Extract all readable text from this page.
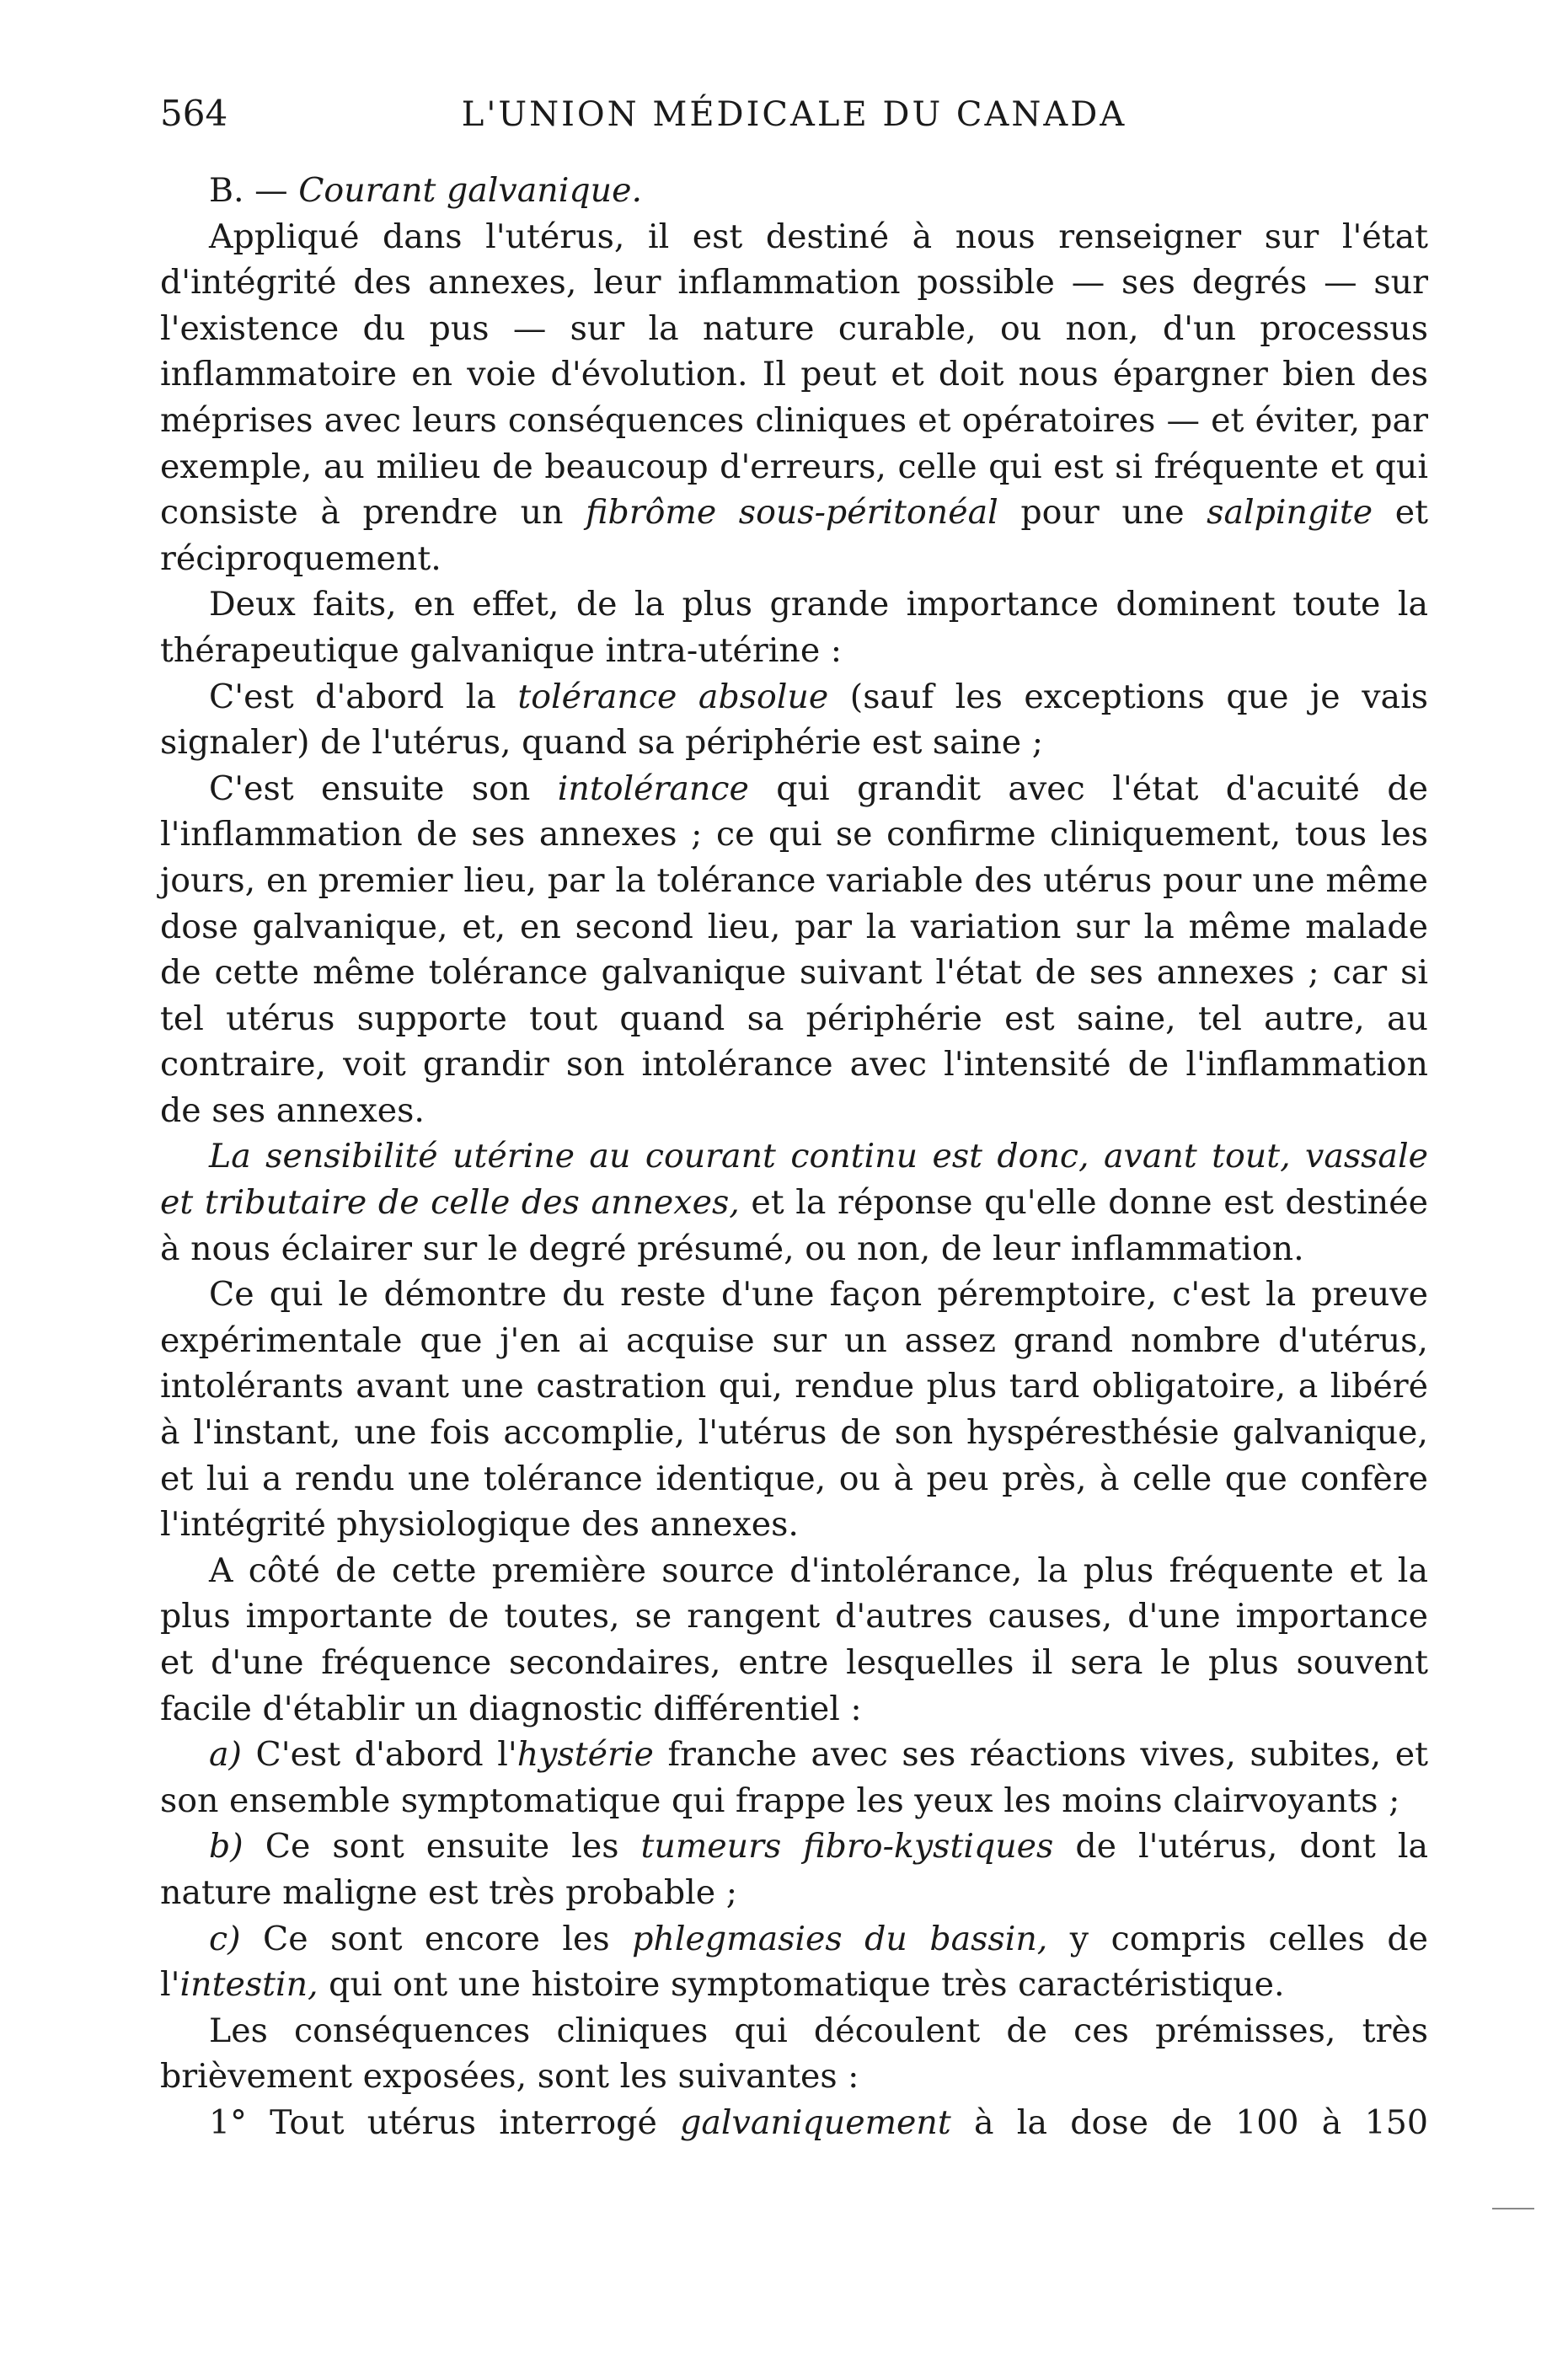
564	L'UNION MÉDICALE DU CANADA

B. — Courant galvanique.

Appliqué dans l'utérus, il est destiné à nous renseigner sur l'état d'intégrité des annexes, leur inflammation possible — ses degrés — sur l'existence du pus — sur la nature curable, ou non, d'un processus inflammatoire en voie d'évolution. Il peut et doit nous épargner bien des méprises avec leurs conséquences cliniques et opératoires — et éviter, par exemple, au milieu de beaucoup d'erreurs, celle qui est si fréquente et qui consiste à prendre un fibrôme sous-péritonéal pour une salpingite et réciproquement.

Deux faits, en effet, de la plus grande importance dominent toute la thérapeutique galvanique intra-utérine :

C'est d'abord la tolérance absolue (sauf les exceptions que je vais signaler) de l'utérus, quand sa périphérie est saine ;

C'est ensuite son intolérance qui grandit avec l'état d'acuité de l'inflammation de ses annexes ; ce qui se confirme cliniquement, tous les jours, en premier lieu, par la tolérance variable des utérus pour une même dose galvanique, et, en second lieu, par la variation sur la même malade de cette même tolérance galvanique suivant l'état de ses annexes ; car si tel utérus supporte tout quand sa périphérie est saine, tel autre, au contraire, voit grandir son intolérance avec l'intensité de l'inflammation de ses annexes.

La sensibilité utérine au courant continu est donc, avant tout, vassale et tributaire de celle des annexes, et la réponse qu'elle donne est destinée à nous éclairer sur le degré présumé, ou non, de leur inflammation.

Ce qui le démontre du reste d'une façon péremptoire, c'est la preuve expérimentale que j'en ai acquise sur un assez grand nombre d'utérus, intolérants avant une castration qui, rendue plus tard obligatoire, a libéré à l'instant, une fois accomplie, l'utérus de son hyspéresthésie galvanique, et lui a rendu une tolérance identique, ou à peu près, à celle que confère l'intégrité physiologique des annexes.

A côté de cette première source d'intolérance, la plus fréquente et la plus importante de toutes, se rangent d'autres causes, d'une importance et d'une fréquence secondaires, entre lesquelles il sera le plus souvent facile d'établir un diagnostic différentiel :

a) C'est d'abord l'hystérie franche avec ses réactions vives, subites, et son ensemble symptomatique qui frappe les yeux les moins clairvoyants ;

b) Ce sont ensuite les tumeurs fibro-kystiques de l'utérus, dont la nature maligne est très probable ;

c) Ce sont encore les phlegmasies du bassin, y compris celles de l'intestin, qui ont une histoire symptomatique très caractéristique.

Les conséquences cliniques qui découlent de ces prémisses, très brièvement exposées, sont les suivantes :

1° Tout utérus interrogé galvaniquement à la dose de 100 à 150
